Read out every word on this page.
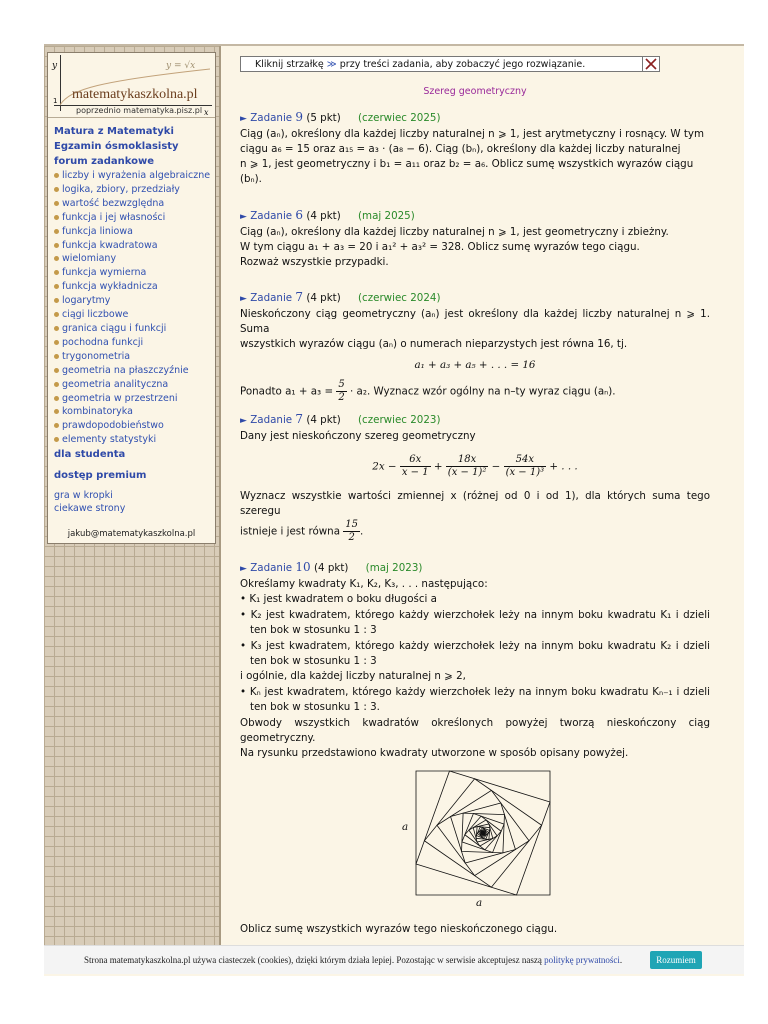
y
x
1
y = √x
matematykaszkolna.pl
poprzednio matematyka.pisz.pl
Matura z Matematyki
Egzamin ósmoklasisty
forum zadankowe
liczby i wyrażenia algebraiczne
logika, zbiory, przedziały
wartość bezwzględna
funkcja i jej własności
funkcja liniowa
funkcja kwadratowa
wielomiany
funkcja wymierna
funkcja wykładnicza
logarytmy
ciągi liczbowe
granica ciągu i funkcji
pochodna funkcji
trygonometria
geometria na płaszczyźnie
geometria analityczna
geometria w przestrzeni
kombinatoryka
prawdopodobieństwo
elementy statystyki
dla studenta
dostęp premium
gra w kropki
ciekawe strony
jakub@matematykaszkolna.pl
Kliknij strzałkę ≫ przy treści zadania, aby zobaczyć jego rozwiązanie.
Szereg geometryczny
► Zadanie 9 (5 pkt) (czerwiec 2025)
Ciąg (aₙ), określony dla każdej liczby naturalnej n ⩾ 1, jest arytmetyczny i rosnący. W tym
ciągu a₆ = 15 oraz a₁₅ = a₃ · (a₈ − 6). Ciąg (bₙ), określony dla każdej liczby naturalnej
n ⩾ 1, jest geometryczny i b₁ = a₁₁ oraz b₂ = a₆. Oblicz sumę wszystkich wyrazów ciągu
(bₙ).
► Zadanie 6 (4 pkt) (maj 2025)
Ciąg (aₙ), określony dla każdej liczby naturalnej n ⩾ 1, jest geometryczny i zbieżny.
W tym ciągu a₁ + a₃ = 20 i a₁² + a₃² = 328. Oblicz sumę wyrazów tego ciągu.
Rozważ wszystkie przypadki.
► Zadanie 7 (4 pkt) (czerwiec 2024)
Nieskończony ciąg geometryczny (aₙ) jest określony dla każdej liczby naturalnej n ⩾ 1. Suma
wszystkich wyrazów ciągu (aₙ) o numerach nieparzystych jest równa 16, tj.
a₁ + a₃ + a₅ + . . . = 16
Ponadto $a_1 + a_3 = \frac{5}{2} \cdot a_2$. Wyznacz wzór ogólny na n–ty wyraz ciągu (aₙ).
► Zadanie 7 (4 pkt) (czerwiec 2023)
Dany jest nieskończony szereg geometryczny
$2x - \frac{6x}{x - 1} + \frac{18x}{\text{(x − 1)²}} - \frac{54x}{\text{(x − 1)³}}$ + . . .
Wyznacz wszystkie wartości zmiennej x (różnej od 0 i od 1), dla których suma tego szeregu
istnieje i jest równa $\frac{15}{2}$ .
► Zadanie 10 (4 pkt) (maj 2023)
Określamy kwadraty K₁, K₂, K₃, . . . następująco:
• K₁ jest kwadratem o boku długości a
• K₂ jest kwadratem, którego każdy wierzchołek leży na innym boku kwadratu K₁ i dzieli ten bok w stosunku 1 : 3
• K₃ jest kwadratem, którego każdy wierzchołek leży na innym boku kwadratu K₂ i dzieli ten bok w stosunku 1 : 3
i ogólnie, dla każdej liczby naturalnej n ⩾ 2,
• Kₙ jest kwadratem, którego każdy wierzchołek leży na innym boku kwadratu Kₙ₋₁ i dzieli ten bok w stosunku 1 : 3.
Obwody wszystkich kwadratów określonych powyżej tworzą nieskończony ciąg geometryczny.
Na rysunku przedstawiono kwadraty utworzone w sposób opisany powyżej.
a
a
Oblicz sumę wszystkich wyrazów tego nieskończonego ciągu.
Strona matematykaszkolna.pl używa ciasteczek (cookies), dzięki którym działa lepiej. Pozostając w serwisie akceptujesz naszą politykę prywatności.	Rozumiem
